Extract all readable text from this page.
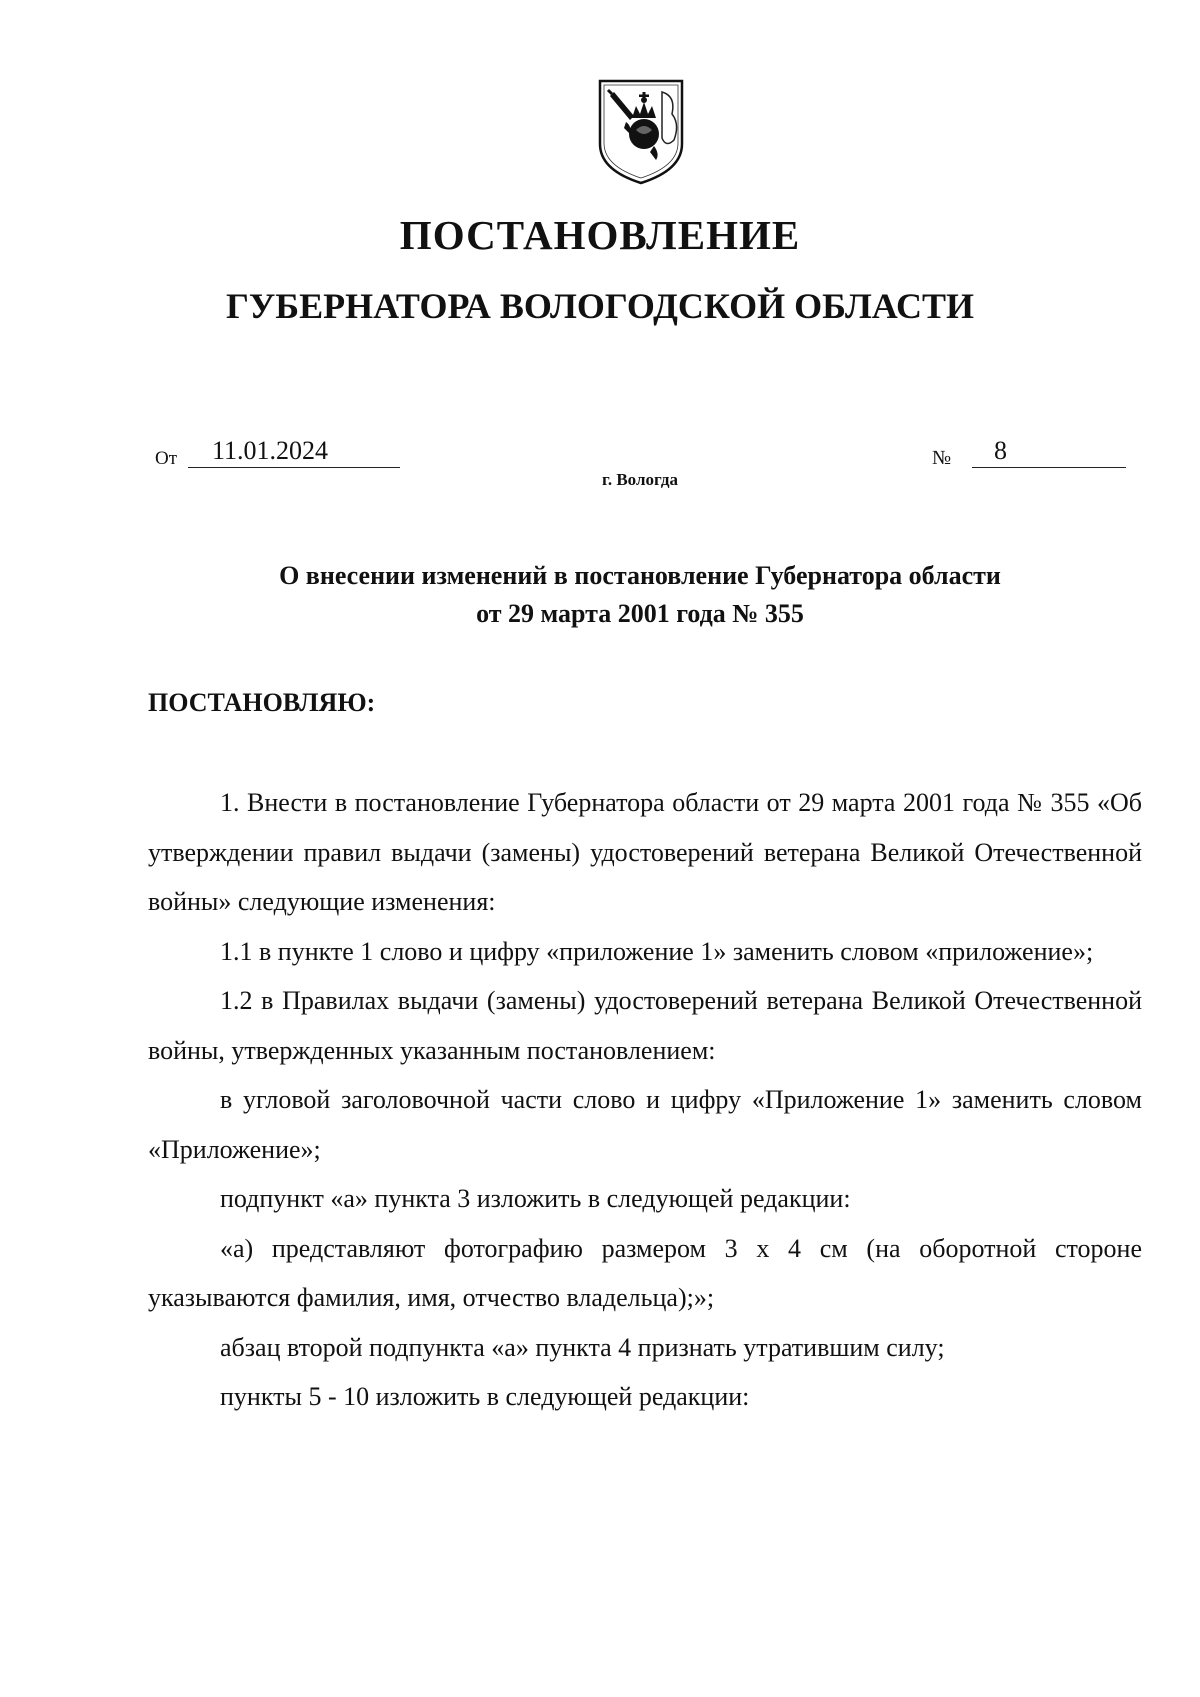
ПОСТАНОВЛЕНИЕ
ГУБЕРНАТОРА ВОЛОГОДСКОЙ ОБЛАСТИ
От	11.01.2024	№	8
г. Вологда
О внесении изменений в постановление Губернатора области
от 29 марта 2001 года № 355
ПОСТАНОВЛЯЮ:

1. Внести в постановление Губернатора области от 29 марта 2001 года № 355 «Об утверждении правил выдачи (замены) удостоверений ветерана Великой Отечественной войны» следующие изменения:

1.1 в пункте 1 слово и цифру «приложение 1» заменить словом «приложение»;

1.2 в Правилах выдачи (замены) удостоверений ветерана Великой Отечественной войны, утвержденных указанным постановлением:

в угловой заголовочной части слово и цифру «Приложение 1» заменить словом «Приложение»;

подпункт «а» пункта 3 изложить в следующей редакции:

«а) представляют фотографию размером 3 х 4 см (на оборотной стороне указываются фамилия, имя, отчество владельца);»;

абзац второй подпункта «а» пункта 4 признать утратившим силу;

пункты 5 - 10 изложить в следующей редакции:
